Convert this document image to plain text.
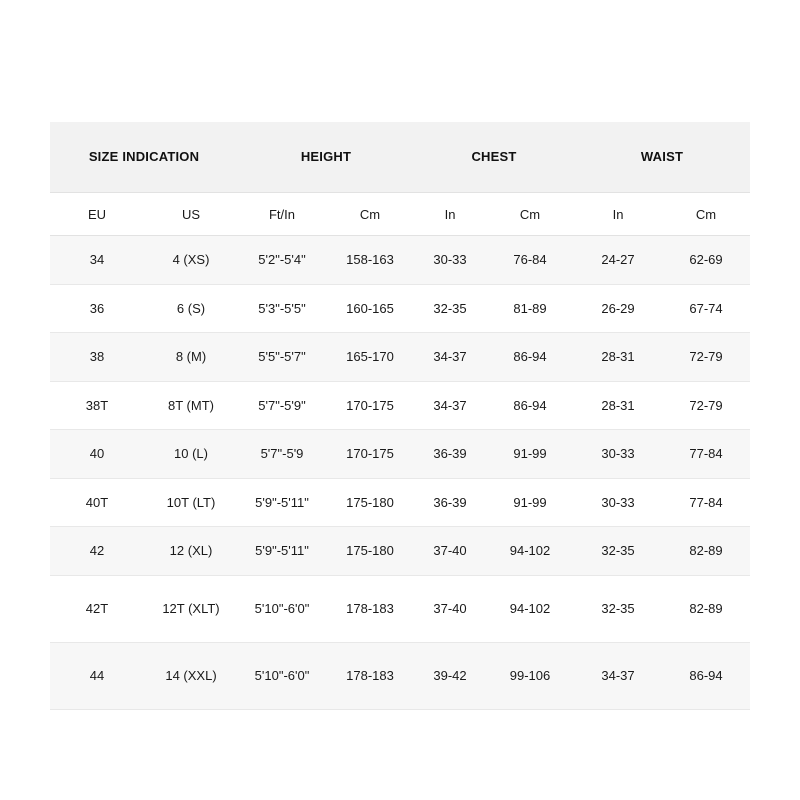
SIZE INDICATION		HEIGHT		CHEST		WAIST	
EU	US	Ft/In	Cm	In	Cm	In	Cm

34	4 (XS)	5'2"-5'4"	158-163	30-33	76-84	24-27	62-69

36	6 (S)	5'3"-5'5"	160-165	32-35	81-89	26-29	67-74

38	8 (M)	5'5"-5'7"	165-170	34-37	86-94	28-31	72-79

38T	8T (MT)	5'7"-5'9"	170-175	34-37	86-94	28-31	72-79

40	10 (L)	5'7"-5'9	170-175	36-39	91-99	30-33	77-84

40T	10T (LT)	5'9"-5'11"	175-180	36-39	91-99	30-33	77-84

42	12 (XL)	5'9"-5'11"	175-180	37-40	94-102	32-35	82-89

42T	12T (XLT)	5'10"-6'0"	178-183	37-40	94-102	32-35	82-89

44	14 (XXL)	5'10"-6'0"	178-183	39-42	99-106	34-37	86-94
